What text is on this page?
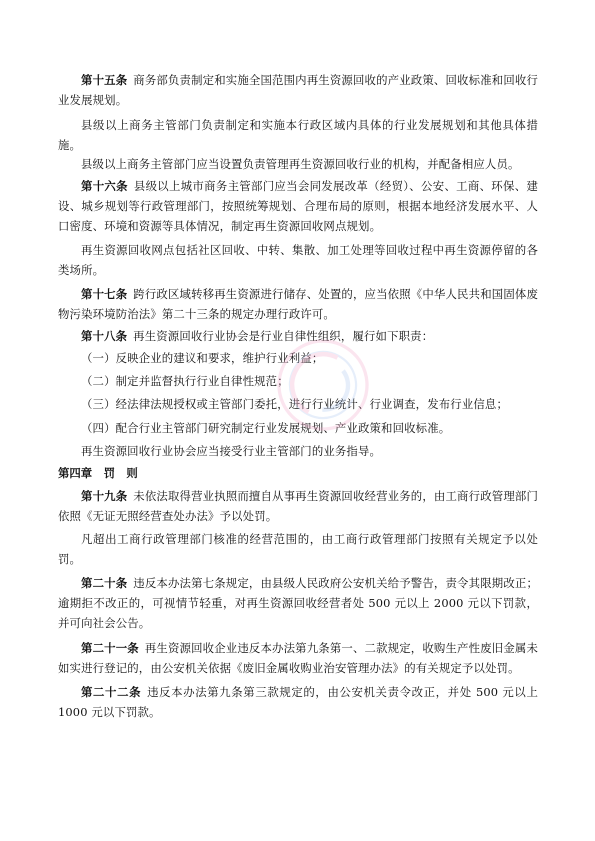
第十五条 商务部负责制定和实施全国范围内再生资源回收的产业政策、回收标准和回收行业发展规划。

县级以上商务主管部门负责制定和实施本行政区域内具体的行业发展规划和其他具体措施。

县级以上商务主管部门应当设置负责管理再生资源回收行业的机构，并配备相应人员。

第十六条 县级以上城市商务主管部门应当会同发展改革（经贸）、公安、工商、环保、建设、城乡规划等行政管理部门，按照统筹规划、合理布局的原则，根据本地经济发展水平、人口密度、环境和资源等具体情况，制定再生资源回收网点规划。

再生资源回收网点包括社区回收、中转、集散、加工处理等回收过程中再生资源停留的各类场所。

第十七条 跨行政区域转移再生资源进行储存、处置的，应当依照《中华人民共和国固体废物污染环境防治法》第二十三条的规定办理行政许可。

第十八条 再生资源回收行业协会是行业自律性组织，履行如下职责：

（一）反映企业的建议和要求，维护行业利益；

（二）制定并监督执行行业自律性规范；

（三）经法律法规授权或主管部门委托，进行行业统计、行业调查，发布行业信息；

（四）配合行业主管部门研究制定行业发展规划、产业政策和回收标准。

再生资源回收行业协会应当接受行业主管部门的业务指导。

第四章　罚　则

第十九条 未依法取得营业执照而擅自从事再生资源回收经营业务的，由工商行政管理部门依照《无证无照经营查处办法》予以处罚。

凡超出工商行政管理部门核准的经营范围的，由工商行政管理部门按照有关规定予以处罚。

第二十条 违反本办法第七条规定，由县级人民政府公安机关给予警告，责令其限期改正；逾期拒不改正的，可视情节轻重，对再生资源回收经营者处 500 元以上 2000 元以下罚款，并可向社会公告。

第二十一条 再生资源回收企业违反本办法第九条第一、二款规定，收购生产性废旧金属未如实进行登记的，由公安机关依据《废旧金属收购业治安管理办法》的有关规定予以处罚。

第二十二条 违反本办法第九条第三款规定的，由公安机关责令改正，并处 500 元以上 1000 元以下罚款。
